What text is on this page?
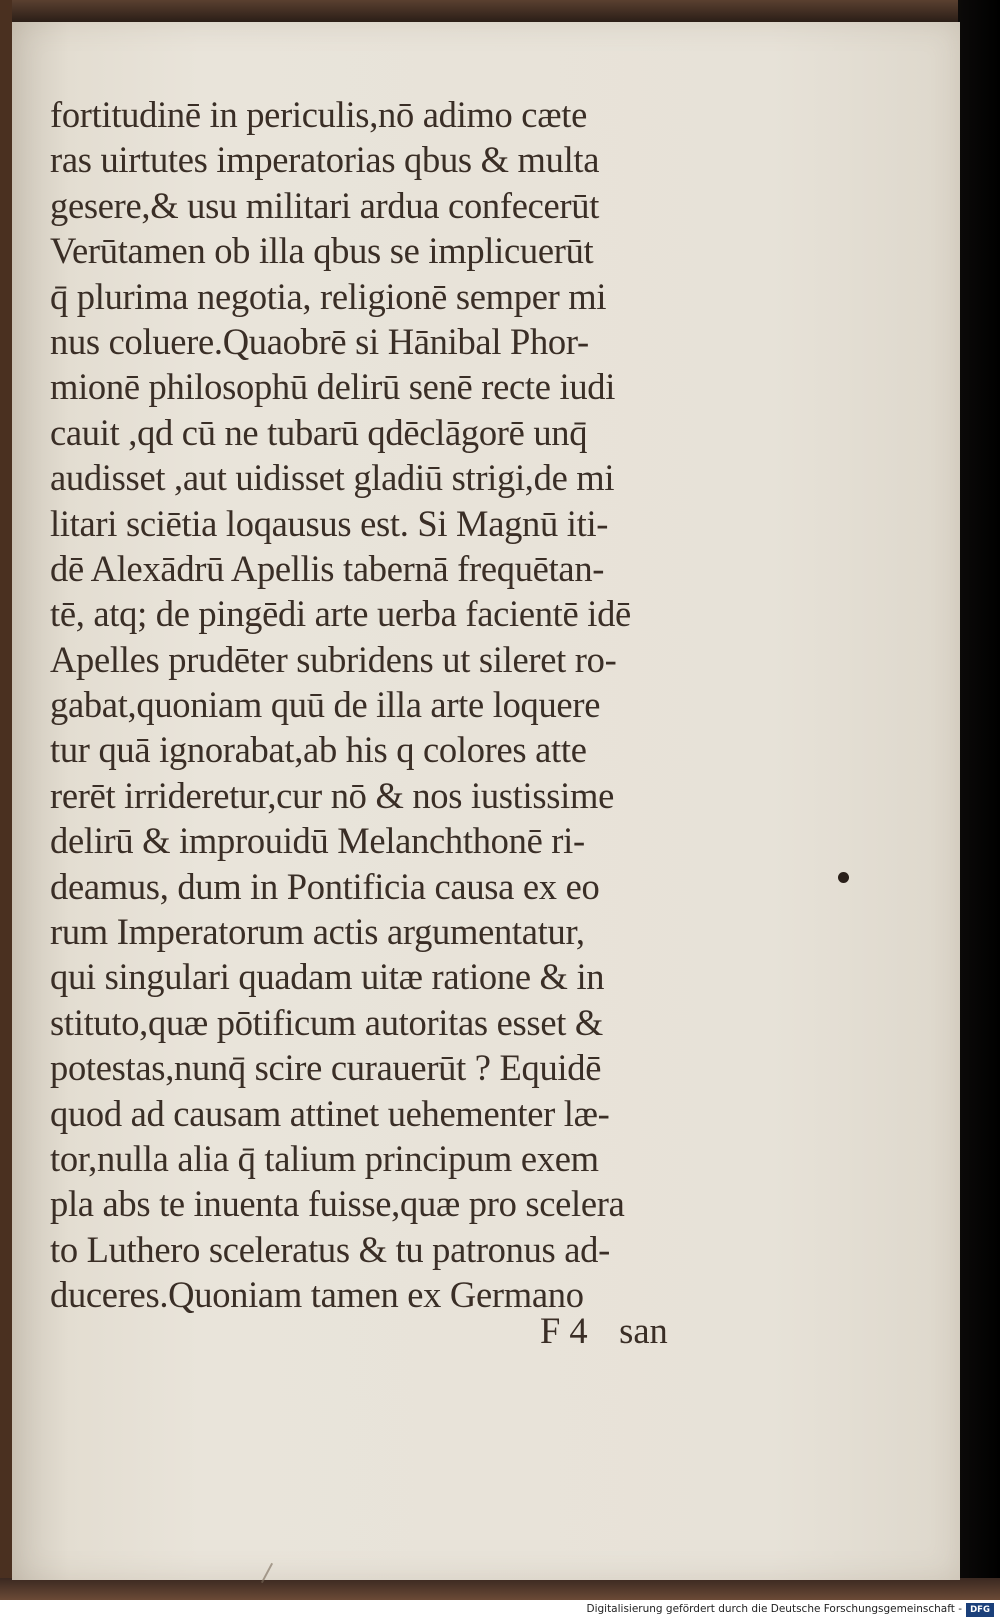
fortitudinē in periculis,nō adimo cæte
ras uirtutes imperatorias qbus & multa
gesere,& usu militari ardua confecerūt
Verūtamen ob illa qbus se implicuerūt
q̄ plurima negotia, religionē semper mi
nus coluere.Quaobrē si Hānibal Phor-
mionē philosophū delirū senē recte iudi
cauit ,qd cū ne tubarū qdēclāgorē unq̄
audisset ,aut uidisset gladiū strigi,de mi
litari sciētia loqausus est. Si Magnū iti-
dē Alexādrū Apellis tabernā frequētan-
tē, atq; de pingēdi arte uerba facientē idē
Apelles prudēter subridens ut sileret ro-
gabat,quoniam quū de illa arte loquere
tur quā ignorabat,ab his q colores atte
rerēt irrideretur,cur nō & nos iustissime
delirū & improuidū Melanchthonē ri-
deamus, dum in Pontificia causa ex eo
rum Imperatorum actis argumentatur,
qui singulari quadam uitæ ratione & in
stituto,quæ pōtificum autoritas esset &
potestas,nunq̄ scire curauerūt ? Equidē
quod ad causam attinet uehementer læ-
tor,nulla alia q̄ talium principum exem
pla abs te inuenta fuisse,quæ pro scelera
to Luthero sceleratus & tu patronus ad-
duceres.Quoniam tamen ex Germano
F 4 san
Digitalisierung gefördert durch die Deutsche Forschungsgemeinschaft - DFG
